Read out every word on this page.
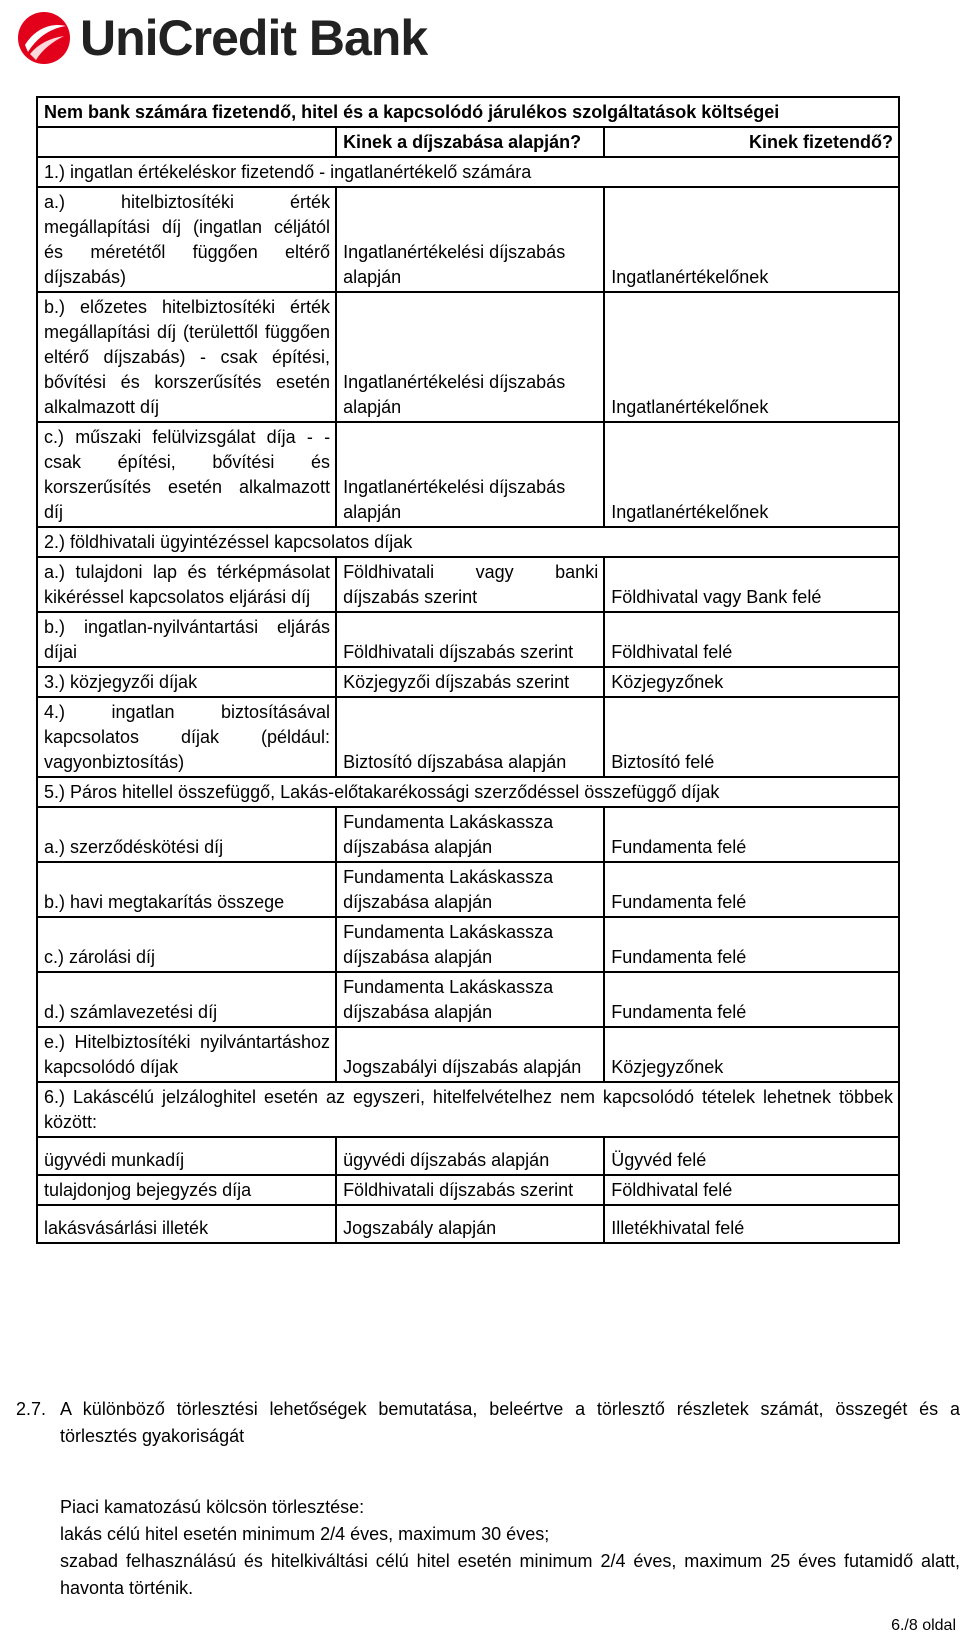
UniCredit Bank
Nem bank számára fizetendő, hitel és a kapcsolódó járulékos szolgáltatások költségei		
	Kinek a díjszabása alapján?	Kinek fizetendő?
1.) ingatlan értékeléskor fizetendő - ingatlanértékelő számára		
a.) hitelbiztosítéki érték megállapítási díj (ingatlan céljától és méretétől függően eltérő díjszabás)	Ingatlanértékelési díjszabás alapján	Ingatlanértékelőnek
b.) előzetes hitelbiztosítéki érték megállapítási díj (területtől függően eltérő díjszabás) - csak építési, bővítési és korszerűsítés esetén alkalmazott díj	Ingatlanértékelési díjszabás alapján	Ingatlanértékelőnek
c.) műszaki felülvizsgálat díja - - csak építési, bővítési és korszerűsítés esetén alkalmazott díj	Ingatlanértékelési díjszabás alapján	Ingatlanértékelőnek
2.) földhivatali ügyintézéssel kapcsolatos díjak		
a.) tulajdoni lap és térképmásolat kikéréssel kapcsolatos eljárási díj	Földhivatali vagy banki díjszabás szerint	Földhivatal vagy Bank felé
b.) ingatlan-nyilvántartási eljárás díjai	Földhivatali díjszabás szerint	Földhivatal felé
3.) közjegyzői díjak	Közjegyzői díjszabás szerint	Közjegyzőnek
4.) ingatlan biztosításával kapcsolatos díjak (például: vagyonbiztosítás)	Biztosító díjszabása alapján	Biztosító felé
5.) Páros hitellel összefüggő, Lakás-előtakarékossági szerződéssel összefüggő díjak		
a.) szerződéskötési díj	Fundamenta Lakáskassza díjszabása alapján	Fundamenta felé
b.) havi megtakarítás összege	Fundamenta Lakáskassza díjszabása alapján	Fundamenta felé
c.) zárolási díj	Fundamenta Lakáskassza díjszabása alapján	Fundamenta felé
d.) számlavezetési díj	Fundamenta Lakáskassza díjszabása alapján	Fundamenta felé
e.) Hitelbiztosítéki nyilvántartáshoz kapcsolódó díjak	Jogszabályi díjszabás alapján	Közjegyzőnek
6.) Lakáscélú jelzáloghitel esetén az egyszeri, hitelfelvételhez nem kapcsolódó tételek lehetnek többek között:		
ügyvédi munkadíj	ügyvédi díjszabás alapján	Ügyvéd felé
tulajdonjog bejegyzés díja	Földhivatali díjszabás szerint	Földhivatal felé
lakásvásárlási illeték	Jogszabály alapján	Illetékhivatal felé
2.7. A különböző törlesztési lehetőségek bemutatása, beleértve a törlesztő részletek számát, összegét és a törlesztés gyakoriságát
Piaci kamatozású kölcsön törlesztése:
lakás célú hitel esetén minimum 2/4 éves, maximum 30 éves;
szabad felhasználású és hitelkiváltási célú hitel esetén minimum 2/4 éves, maximum 25 éves futamidő alatt, havonta történik.
6./8 oldal
